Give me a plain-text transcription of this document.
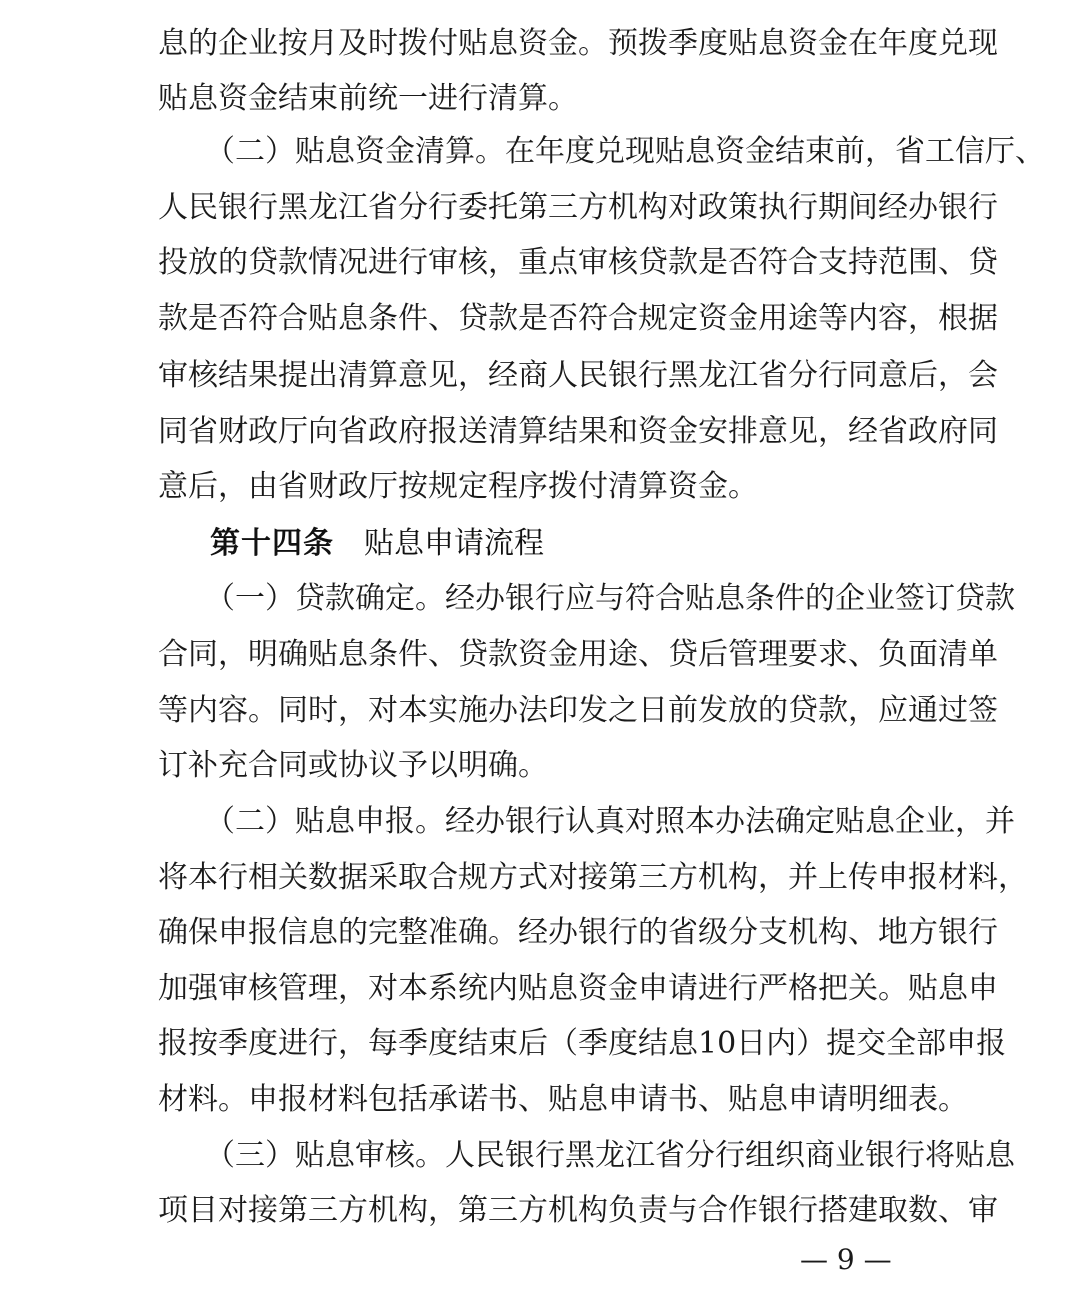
息的企业按月及时拨付贴息资金。预拨季度贴息资金在年度兑现
贴息资金结束前统一进行清算。
（二）贴息资金清算。在年度兑现贴息资金结束前，省工信厅、
人民银行黑龙江省分行委托第三方机构对政策执行期间经办银行
投放的贷款情况进行审核，重点审核贷款是否符合支持范围、贷
款是否符合贴息条件、贷款是否符合规定资金用途等内容，根据
审核结果提出清算意见，经商人民银行黑龙江省分行同意后，会
同省财政厅向省政府报送清算结果和资金安排意见，经省政府同
意后，由省财政厅按规定程序拨付清算资金。
第十四条 贴息申请流程
（一）贷款确定。经办银行应与符合贴息条件的企业签订贷款
合同，明确贴息条件、贷款资金用途、贷后管理要求、负面清单
等内容。同时，对本实施办法印发之日前发放的贷款，应通过签
订补充合同或协议予以明确。
（二）贴息申报。经办银行认真对照本办法确定贴息企业，并
将本行相关数据采取合规方式对接第三方机构，并上传申报材料，
确保申报信息的完整准确。经办银行的省级分支机构、地方银行
加强审核管理，对本系统内贴息资金申请进行严格把关。贴息申
报按季度进行，每季度结束后（季度结息10日内）提交全部申报
材料。申报材料包括承诺书、贴息申请书、贴息申请明细表。
（三）贴息审核。人民银行黑龙江省分行组织商业银行将贴息
项目对接第三方机构，第三方机构负责与合作银行搭建取数、审
— 9 —
